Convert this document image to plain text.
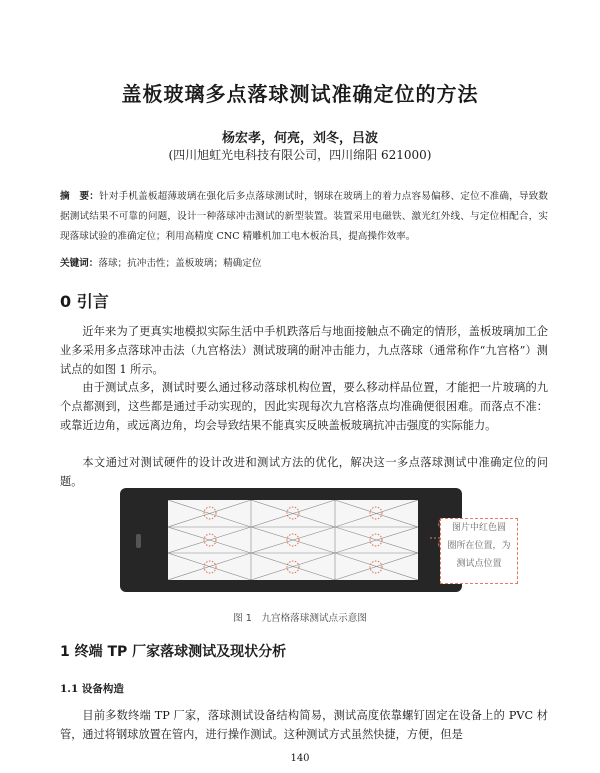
盖板玻璃多点落球测试准确定位的方法
杨宏孝，何亮，刘冬，吕波
(四川旭虹光电科技有限公司，四川绵阳 621000)
摘　要：针对手机盖板超薄玻璃在强化后多点落球测试时，钢球在玻璃上的着力点容易偏移、定位不准确，导致数据测试结果不可靠的问题，设计一种落球冲击测试的新型装置。装置采用电磁铁、激光红外线、与定位相配合，实现落球试验的准确定位；利用高精度 CNC 精雕机加工电木板治具，提高操作效率。
关键词：落球；抗冲击性；盖板玻璃；精确定位
0 引言
近年来为了更真实地模拟实际生活中手机跌落后与地面接触点不确定的情形，盖板玻璃加工企业多采用多点落球冲击法（九宫格法）测试玻璃的耐冲击能力，九点落球（通常称作“九宫格”）测试点的如图 1 所示。
由于测试点多，测试时要么通过移动落球机构位置，要么移动样品位置，才能把一片玻璃的九个点都测到，这些都是通过手动实现的，因此实现每次九宫格落点均准确便很困难。而落点不准：或靠近边角，或远离边角，均会导致结果不能真实反映盖板玻璃抗冲击强度的实际能力。
本文通过对测试硬件的设计改进和测试方法的优化，解决这一多点落球测试中准确定位的问题。
图片中红色圆
圈所在位置，为
测试点位置
图 1　九宫格落球测试点示意图
1 终端 TP 厂家落球测试及现状分析
1.1 设备构造
目前多数终端 TP 厂家，落球测试设备结构简易，测试高度依靠螺钉固定在设备上的 PVC 材管，通过将钢球放置在管内，进行操作测试。这种测试方式虽然快捷，方便，但是
140
